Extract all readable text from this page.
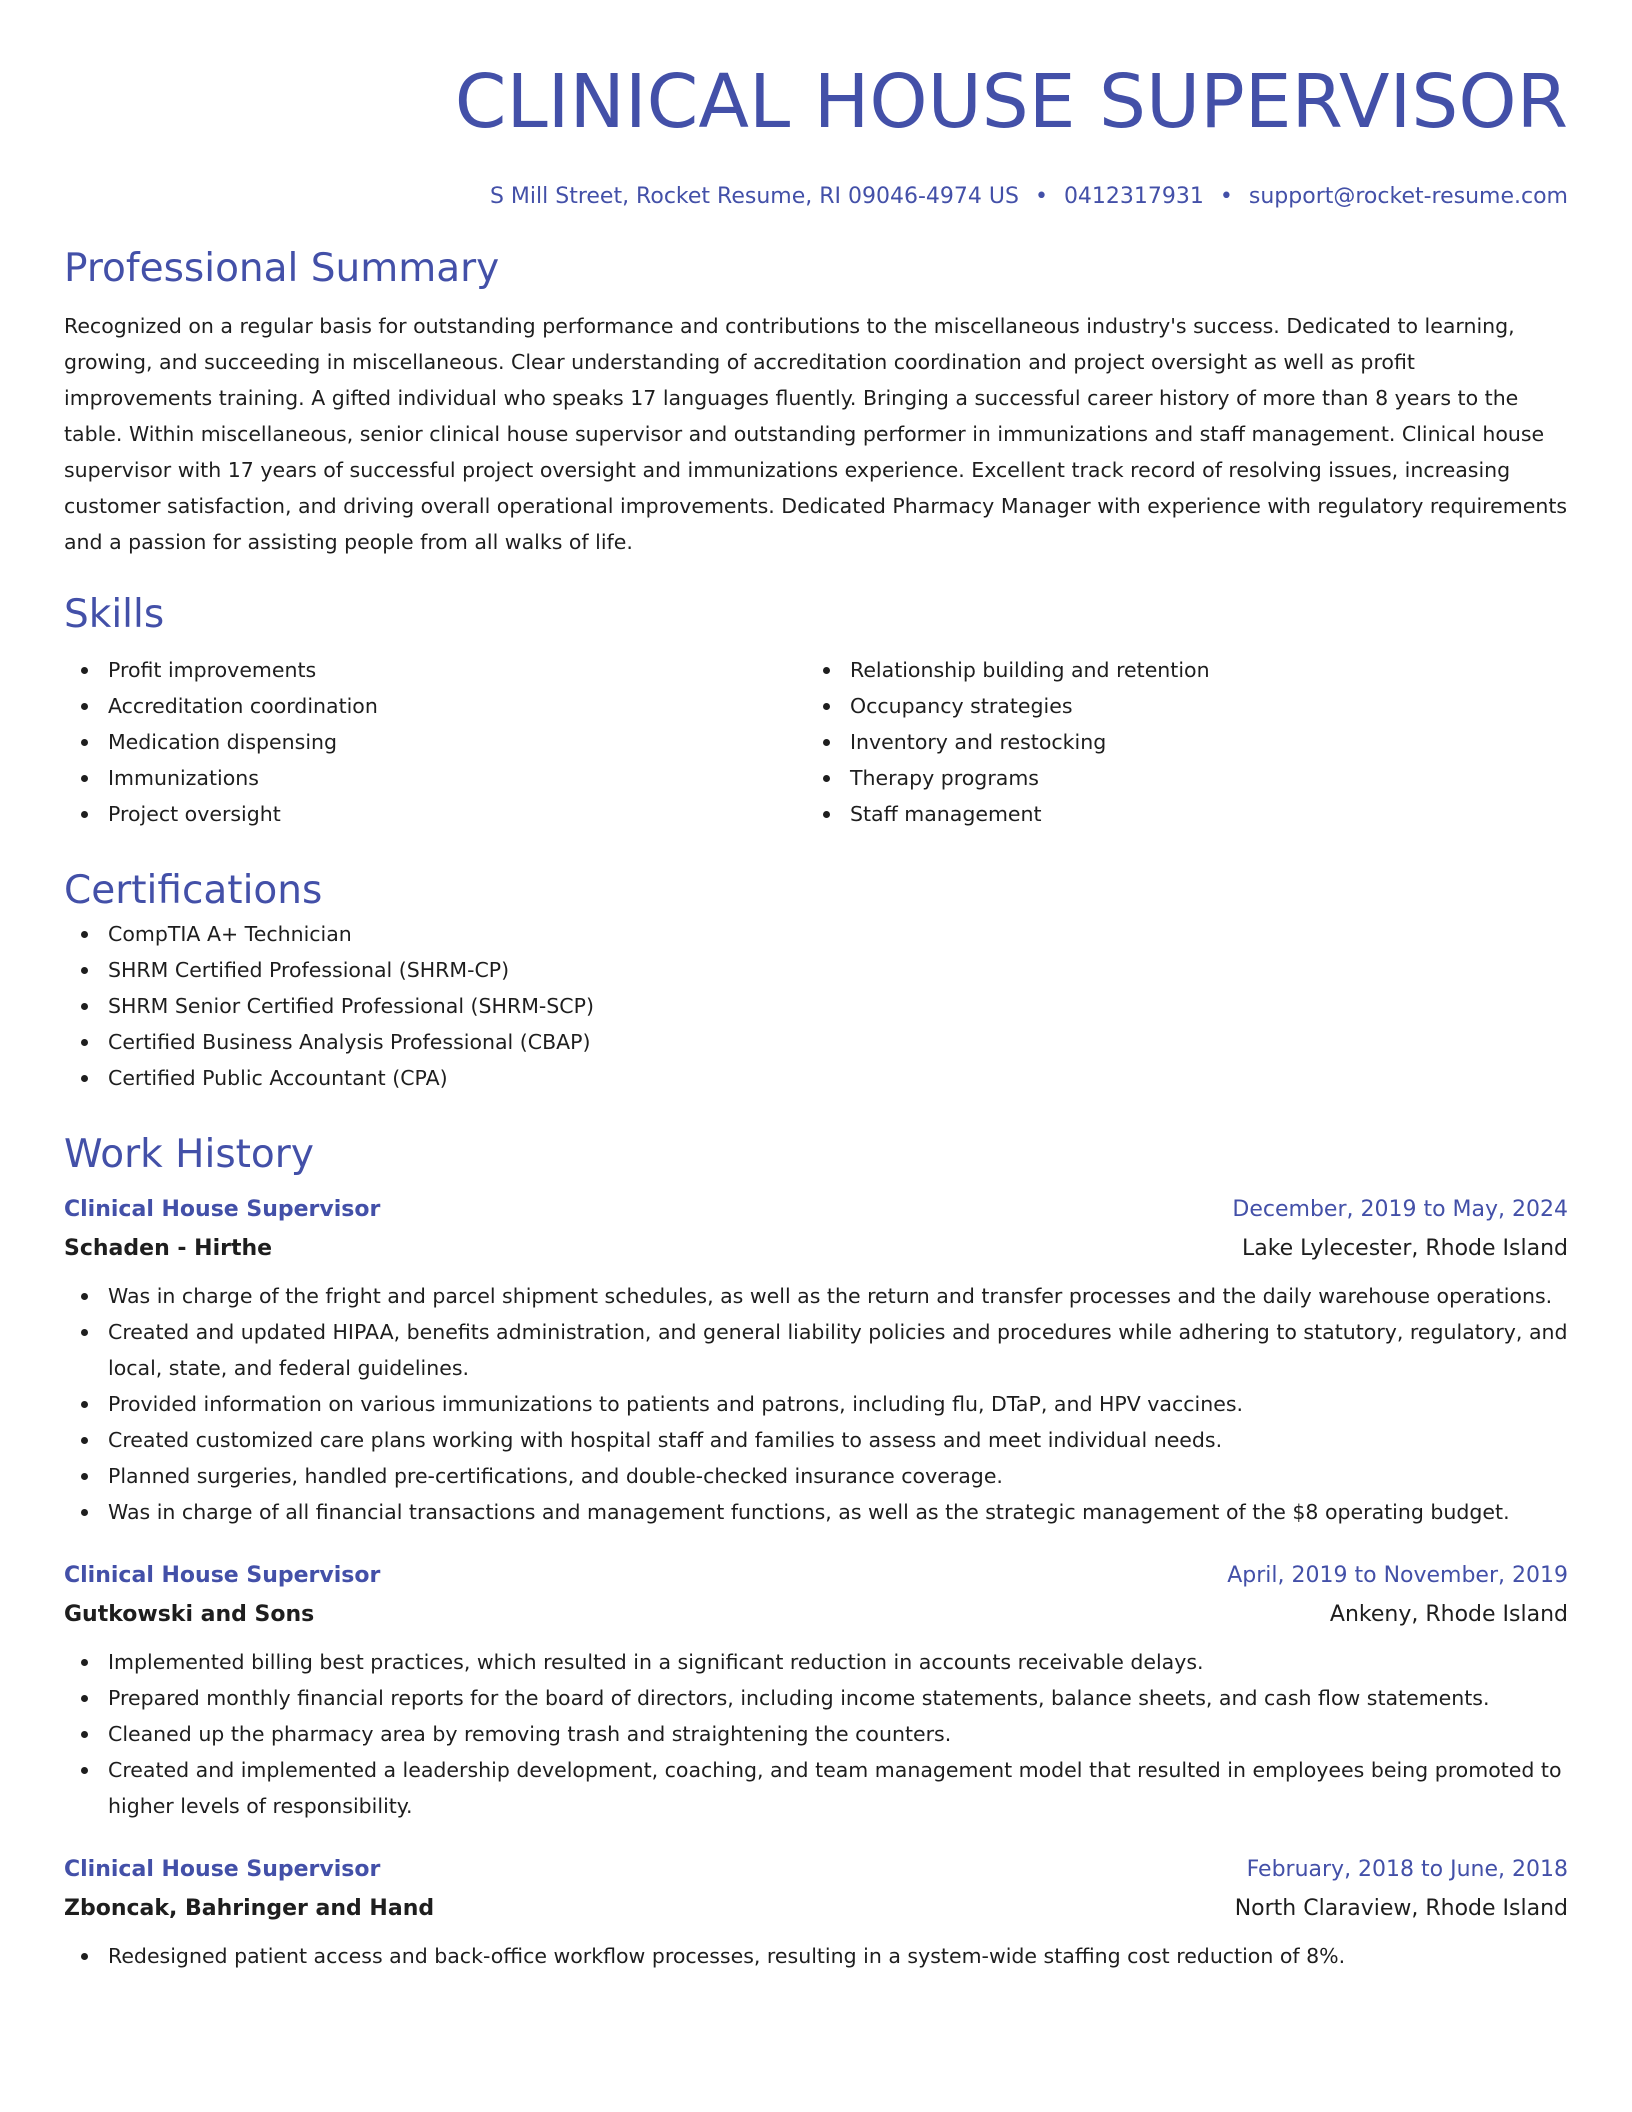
CLINICAL HOUSE SUPERVISOR
S Mill Street, Rocket Resume, RI 09046-4974 US • 0412317931 • support@rocket-resume.com
Professional Summary
Recognized on a regular basis for outstanding performance and contributions to the miscellaneous industry's success. Dedicated to learning, growing, and succeeding in miscellaneous. Clear understanding of accreditation coordination and project oversight as well as profit improvements training. A gifted individual who speaks 17 languages fluently. Bringing a successful career history of more than 8 years to the table. Within miscellaneous, senior clinical house supervisor and outstanding performer in immunizations and staff management. Clinical house supervisor with 17 years of successful project oversight and immunizations experience. Excellent track record of resolving issues, increasing customer satisfaction, and driving overall operational improvements. Dedicated Pharmacy Manager with experience with regulatory requirements and a passion for assisting people from all walks of life.
Skills
Profit improvements
Accreditation coordination
Medication dispensing
Immunizations
Project oversight
Relationship building and retention
Occupancy strategies
Inventory and restocking
Therapy programs
Staff management
Certifications
CompTIA A+ Technician
SHRM Certified Professional (SHRM-CP)
SHRM Senior Certified Professional (SHRM-SCP)
Certified Business Analysis Professional (CBAP)
Certified Public Accountant (CPA)
Work History
Clinical House Supervisor	December, 2019 to May, 2024
Schaden - Hirthe	Lake Lylecester, Rhode Island
Was in charge of the fright and parcel shipment schedules, as well as the return and transfer processes and the daily warehouse operations.
Created and updated HIPAA, benefits administration, and general liability policies and procedures while adhering to statutory, regulatory, and local, state, and federal guidelines.
Provided information on various immunizations to patients and patrons, including flu, DTaP, and HPV vaccines.
Created customized care plans working with hospital staff and families to assess and meet individual needs.
Planned surgeries, handled pre-certifications, and double-checked insurance coverage.
Was in charge of all financial transactions and management functions, as well as the strategic management of the $8 operating budget.
Clinical House Supervisor	April, 2019 to November, 2019
Gutkowski and Sons	Ankeny, Rhode Island
Implemented billing best practices, which resulted in a significant reduction in accounts receivable delays.
Prepared monthly financial reports for the board of directors, including income statements, balance sheets, and cash flow statements.
Cleaned up the pharmacy area by removing trash and straightening the counters.
Created and implemented a leadership development, coaching, and team management model that resulted in employees being promoted to higher levels of responsibility.
Clinical House Supervisor	February, 2018 to June, 2018
Zboncak, Bahringer and Hand	North Claraview, Rhode Island
Redesigned patient access and back-office workflow processes, resulting in a system-wide staffing cost reduction of 8%.
